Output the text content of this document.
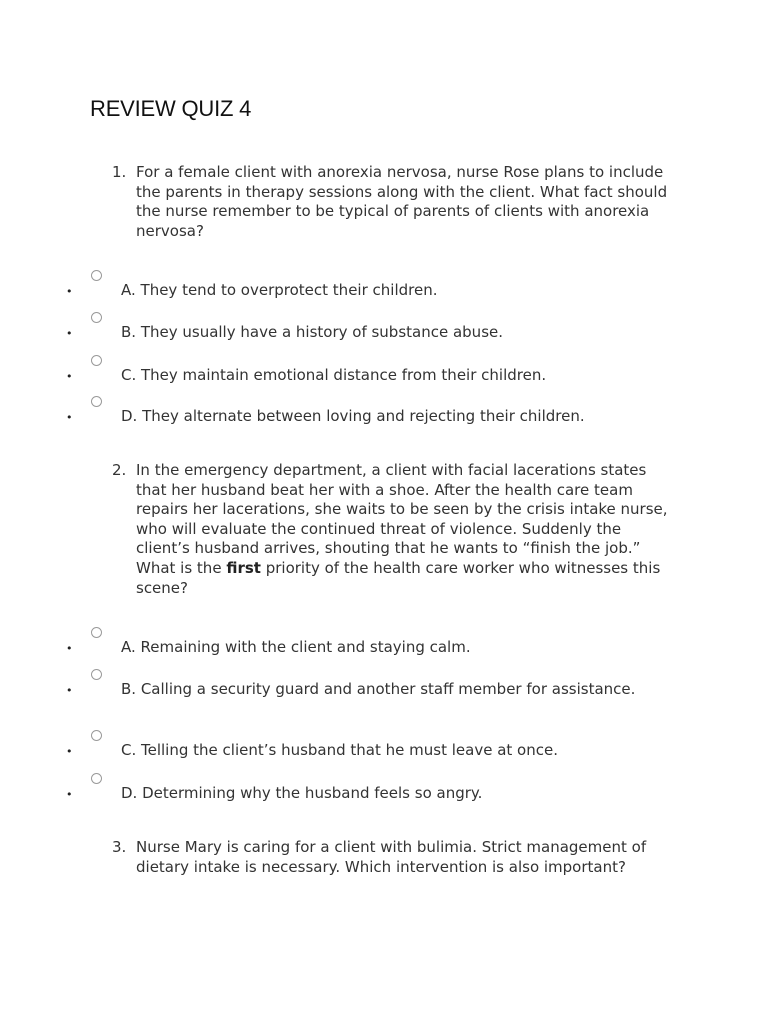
REVIEW QUIZ 4
1. For a female client with anorexia nervosa, nurse Rose plans to include the parents in therapy sessions along with the client. What fact should the nurse remember to be typical of parents of clients with anorexia nervosa?
•	A. They tend to overprotect their children.
•	B. They usually have a history of substance abuse.
•	C. They maintain emotional distance from their children.
•	D. They alternate between loving and rejecting their children.
2. In the emergency department, a client with facial lacerations states that her husband beat her with a shoe. After the health care team repairs her lacerations, she waits to be seen by the crisis intake nurse, who will evaluate the continued threat of violence. Suddenly the client’s husband arrives, shouting that he wants to “finish the job.” What is the first priority of the health care worker who witnesses this scene?
•	A. Remaining with the client and staying calm.
•	B. Calling a security guard and another staff member for assistance.
•	C. Telling the client’s husband that he must leave at once.
•	D. Determining why the husband feels so angry.
3. Nurse Mary is caring for a client with bulimia. Strict management of dietary intake is necessary. Which intervention is also important?
